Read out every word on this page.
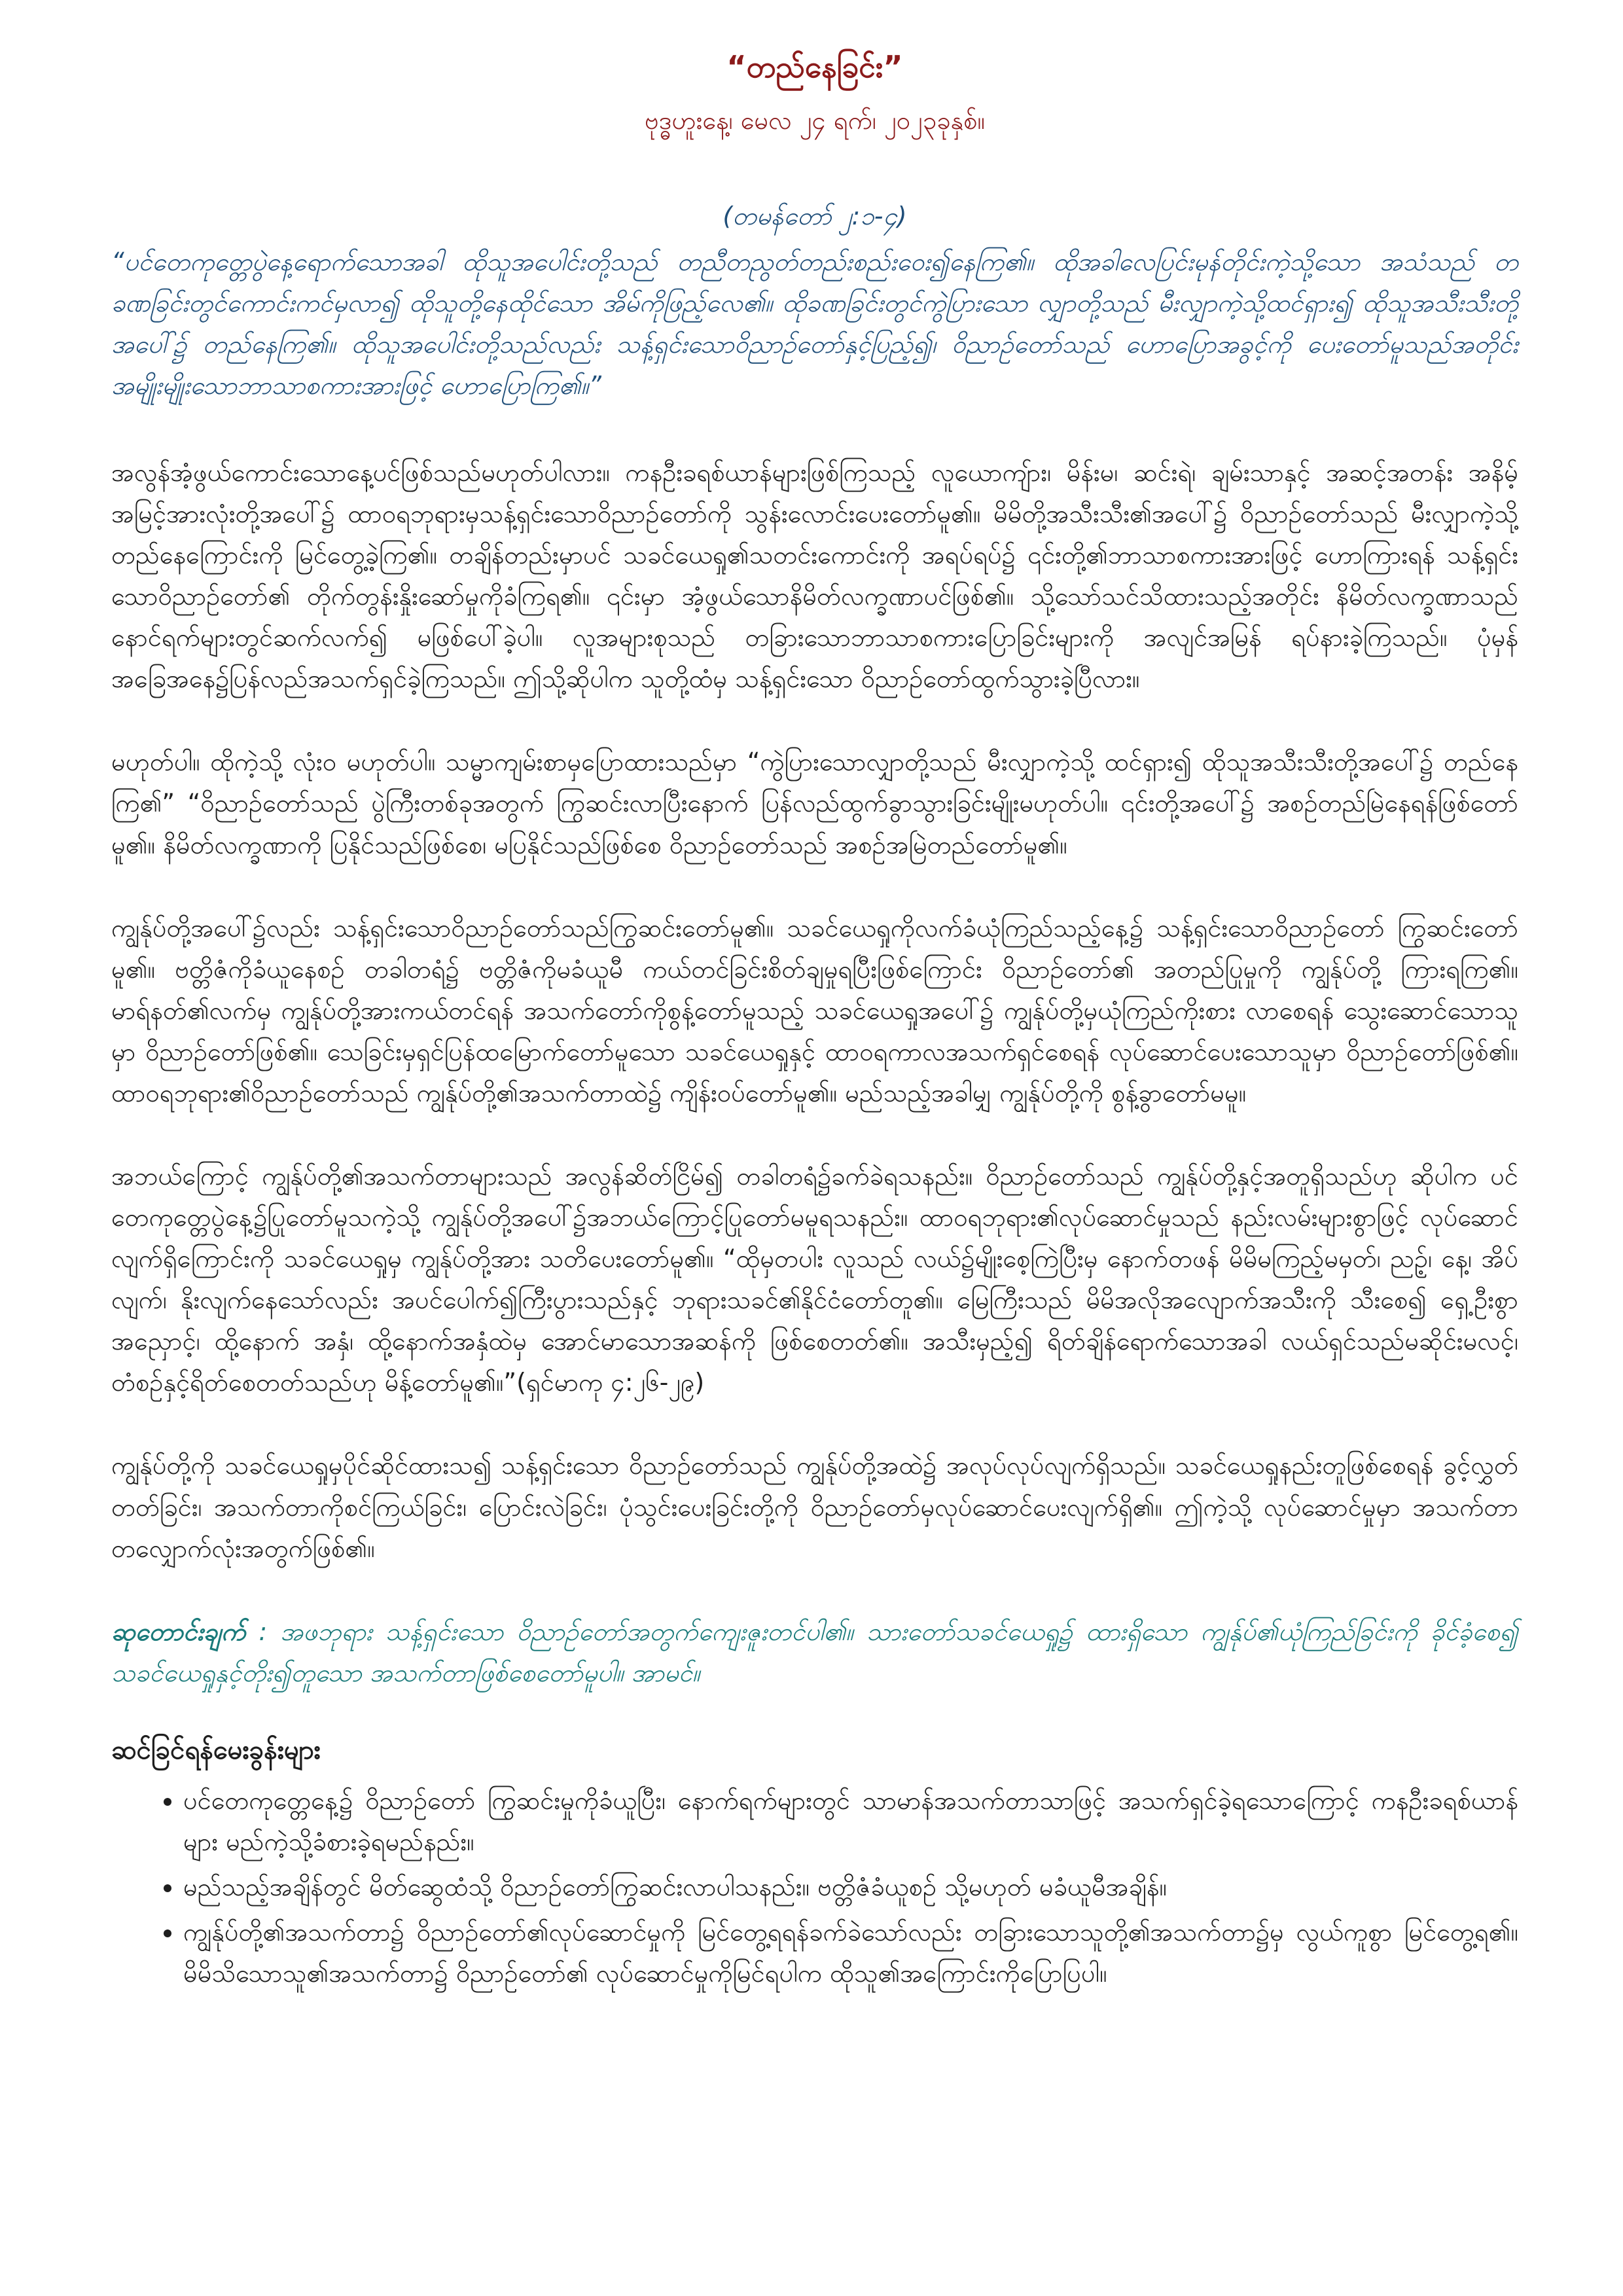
“တည်နေခြင်း”
ဗုဒ္ဓဟူးနေ့၊ မေလ ၂၄ ရက်၊ ၂၀၂၃ခုနှစ်။
(တမန်တော် ၂:၁-၄)
“ပင်တေကုတ္တေပွဲနေ့ရောက်သောအခါ ထိုသူအပေါင်းတို့သည် တညီတညွတ်တည်းစည်းဝေး၍နေကြ၏။ ထိုအခါလေပြင်းမုန်တိုင်းကဲ့သို့သော အသံသည် တခဏခြင်းတွင်ကောင်းကင်မှလာ၍ ထိုသူတို့နေထိုင်သော အိမ်ကိုဖြည့်လေ၏။ ထိုခဏခြင်းတွင်ကွဲပြားသော လျှာတို့သည် မီးလျှာကဲ့သို့ထင်ရှား၍ ထိုသူအသီးသီးတို့အပေါ်၌ တည်နေကြ၏။ ထိုသူအပေါင်းတို့သည်လည်း သန့်ရှင်းသောဝိညာဉ်တော်နှင့်ပြည့်၍၊ ဝိညာဉ်တော်သည် ဟောပြောအခွင့်ကို ပေးတော်မူသည်အတိုင်း အမျိုးမျိုးသောဘာသာစကားအားဖြင့် ဟောပြောကြ၏။”

အလွန်အံ့ဖွယ်ကောင်းသောနေ့ပင်ဖြစ်သည်မဟုတ်ပါလား။ ကနဦးခရစ်ယာန်များဖြစ်ကြသည့် လူယောကျ်ား၊ မိန်းမ၊ ဆင်းရဲ၊ ချမ်းသာနှင့် အဆင့်အတန်း အနိမ့်အမြင့်အားလုံးတို့အပေါ်၌ ထာဝရဘုရားမှသန့်ရှင်းသောဝိညာဉ်တော်ကို သွန်းလောင်းပေးတော်မူ၏။ မိမိတို့အသီးသီး၏အပေါ်၌ ဝိညာဉ်တော်သည် မီးလျှာကဲ့သို့တည်နေကြောင်းကို မြင်တွေ့ခဲ့ကြ၏။ တချိန်တည်းမှာပင် သခင်ယေရှု၏သတင်းကောင်းကို အရပ်ရပ်၌ ၎င်းတို့၏ဘာသာစကားအားဖြင့် ဟောကြားရန် သန့်ရှင်းသောဝိညာဉ်တော်၏ တိုက်တွန်းနှိုးဆော်မှုကိုခံကြရ၏။ ၎င်းမှာ အံ့ဖွယ်သောနိမိတ်လက္ခဏာပင်ဖြစ်၏။ သို့သော်သင်သိထားသည့်အတိုင်း နိမိတ်လက္ခဏာသည် နောင်ရက်များတွင်ဆက်လက်၍ မဖြစ်ပေါ်ခဲ့ပါ။ လူအများစုသည် တခြားသောဘာသာစကားပြောခြင်းများကို အလျင်အမြန် ရပ်နားခဲ့ကြသည်။ ပုံမှန်အခြေအနေ၌ပြန်လည်အသက်ရှင်ခဲ့ကြသည်။ ဤသို့ဆိုပါက သူတို့ထံမှ သန့်ရှင်းသော ဝိညာဉ်တော်ထွက်သွားခဲ့ပြီလား။

မဟုတ်ပါ။ ထိုကဲ့သို့ လုံးဝ မဟုတ်ပါ။ သမ္မာကျမ်းစာမှပြောထားသည်မှာ “ကွဲပြားသောလျှာတို့သည် မီးလျှာကဲ့သို့ ထင်ရှား၍ ထိုသူအသီးသီးတို့အပေါ်၌ တည်နေကြ၏” “ဝိညာဉ်တော်သည် ပွဲကြီးတစ်ခုအတွက် ကြွဆင်းလာပြီးနောက် ပြန်လည်ထွက်ခွာသွားခြင်းမျိုးမဟုတ်ပါ။ ၎င်းတို့အပေါ်၌ အစဉ်တည်မြဲနေရန်ဖြစ်တော်မူ၏။ နိမိတ်လက္ခဏာကို ပြနိုင်သည်ဖြစ်စေ၊ မပြနိုင်သည်ဖြစ်စေ ဝိညာဉ်တော်သည် အစဉ်အမြဲတည်တော်မူ၏။

ကျွန်ုပ်တို့အပေါ်၌လည်း သန့်ရှင်းသောဝိညာဉ်တော်သည်ကြွဆင်းတော်မူ၏။ သခင်ယေရှုကိုလက်ခံယုံကြည်သည့်နေ့၌ သန့်ရှင်းသောဝိညာဉ်တော် ကြွဆင်းတော်မူ၏။ ဗတ္တိဇံကိုခံယူနေစဉ် တခါတရံ၌ ဗတ္တိဇံကိုမခံယူမီ ကယ်တင်ခြင်းစိတ်ချမှုရပြီးဖြစ်ကြောင်း ဝိညာဉ်တော်၏ အတည်ပြုမှုကို ကျွန်ုပ်တို့ ကြားရကြ၏။ မာရ်နတ်၏လက်မှ ကျွန်ုပ်တို့အားကယ်တင်ရန် အသက်တော်ကိုစွန့်တော်မူသည့် သခင်ယေရှုအပေါ်၌ ကျွန်ုပ်တို့မှယုံကြည်ကိုးစား လာစေရန် သွေးဆောင်သောသူမှာ ဝိညာဉ်တော်ဖြစ်၏။ သေခြင်းမှရှင်ပြန်ထမြောက်တော်မူသော သခင်ယေရှုနှင့် ထာဝရကာလအသက်ရှင်စေရန် လုပ်ဆောင်ပေးသောသူမှာ ဝိညာဉ်တော်ဖြစ်၏။ ထာဝရဘုရား၏ဝိညာဉ်တော်သည် ကျွန်ုပ်တို့၏အသက်တာထဲ၌ ကျိန်းဝပ်တော်မူ၏။ မည်သည့်အခါမျှ ကျွန်ုပ်တို့ကို စွန့်ခွာတော်မမူ။

အဘယ်ကြောင့် ကျွန်ုပ်တို့၏အသက်တာများသည် အလွန်ဆိတ်ငြိမ်၍ တခါတရံ၌ခက်ခဲရသနည်း။ ဝိညာဥ်တော်သည် ကျွန်ုပ်တို့နှင့်အတူရှိသည်ဟု ဆိုပါက ပင်တေကုတ္တေပွဲနေ့၌ပြုတော်မူသကဲ့သို့ ကျွန်ုပ်တို့အပေါ်၌အဘယ်ကြောင့်ပြုတော်မမူရသနည်း။ ထာဝရဘုရား၏လုပ်ဆောင်မှုသည် နည်းလမ်းများစွာဖြင့် လုပ်ဆောင်လျက်ရှိကြောင်းကို သခင်ယေရှုမှ ကျွန်ုပ်တို့အား သတိပေးတော်မူ၏။ “ထိုမှတပါး လူသည် လယ်၌မျိုးစေ့ကြဲပြီးမှ နောက်တဖန် မိမိမကြည့်မမှတ်၊ ညဥ့်၊ နေ့၊ အိပ်လျက်၊ နိုးလျက်နေသော်လည်း အပင်ပေါက်၍ကြီးပွားသည်နှင့် ဘုရားသခင်၏နိုင်ငံတော်တူ၏။ မြေကြီးသည် မိမိအလိုအလျောက်အသီးကို သီးစေ၍ ရှေ့ဦးစွာ အညှောင့်၊ ထို့နောက် အနှံ၊ ထို့နောက်အနှံထဲမှ အောင်မာသောအဆန်ကို ဖြစ်စေတတ်၏။ အသီးမှည့်၍ ရိတ်ချိန်ရောက်သောအခါ လယ်ရှင်သည်မဆိုင်းမလင့်၊ တံစဉ်နှင့်ရိတ်စေတတ်သည်ဟု မိန့်တော်မူ၏။”(ရှင်မာကု ၄:၂၆-၂၉)

ကျွန်ုပ်တို့ကို သခင်ယေရှုမှပိုင်ဆိုင်ထားသ၍ သန့်ရှင်းသော ဝိညာဉ်တော်သည် ကျွန်ုပ်တို့အထဲ၌ အလုပ်လုပ်လျက်ရှိသည်။ သခင်ယေရှုနည်းတူဖြစ်စေရန် ခွင့်လွှတ်တတ်ခြင်း၊ အသက်တာကိုစင်ကြယ်ခြင်း၊ ပြောင်းလဲခြင်း၊ ပုံသွင်းပေးခြင်းတို့ကို ဝိညာဉ်တော်မှလုပ်ဆောင်ပေးလျက်ရှိ၏။ ဤကဲ့သို့ လုပ်ဆောင်မှုမှာ အသက်တာတလျှောက်လုံးအတွက်ဖြစ်၏။

ဆုတောင်းချက် : အဖဘုရား သန့်ရှင်းသော ဝိညာဉ်တော်အတွက်ကျေးဇူးတင်ပါ၏။ သားတော်သခင်ယေရှု၌ ထားရှိသော ကျွန်ုပ်၏ယုံကြည်ခြင်းကို ခိုင်ခံ့စေ၍ သခင်ယေရှုနှင့်တိုး၍တူသော အသက်တာဖြစ်စေတော်မူပါ။ အာမင်။
ဆင်ခြင်ရန်မေးခွန်းများ
• ပင်တေကုတ္တေနေ့၌ ဝိညာဉ်တော် ကြွဆင်းမှုကိုခံယူပြီး၊ နောက်ရက်များတွင် သာမာန်အသက်တာသာဖြင့် အသက်ရှင်ခဲ့ရသောကြောင့် ကနဦးခရစ်ယာန်များ မည်ကဲ့သို့ခံစားခဲ့ရမည်နည်း။
• မည်သည့်အချိန်တွင် မိတ်ဆွေထံသို့ ဝိညာဉ်တော်ကြွဆင်းလာပါသနည်း။ ဗတ္တိဇံခံယူစဉ် သို့မဟုတ် မခံယူမီအချိန်။
• ကျွန်ုပ်တို့၏အသက်တာ၌ ဝိညာဉ်တော်၏လုပ်ဆောင်မှုကို မြင်တွေ့ရရန်ခက်ခဲသော်လည်း တခြားသောသူတို့၏အသက်တာ၌မှ လွယ်ကူစွာ မြင်တွေ့ရ၏။ မိမိသိသောသူ၏အသက်တာ၌ ဝိညာဉ်တော်၏ လုပ်ဆောင်မှုကိုမြင်ရပါက ထိုသူ၏အကြောင်းကိုပြောပြပါ။
